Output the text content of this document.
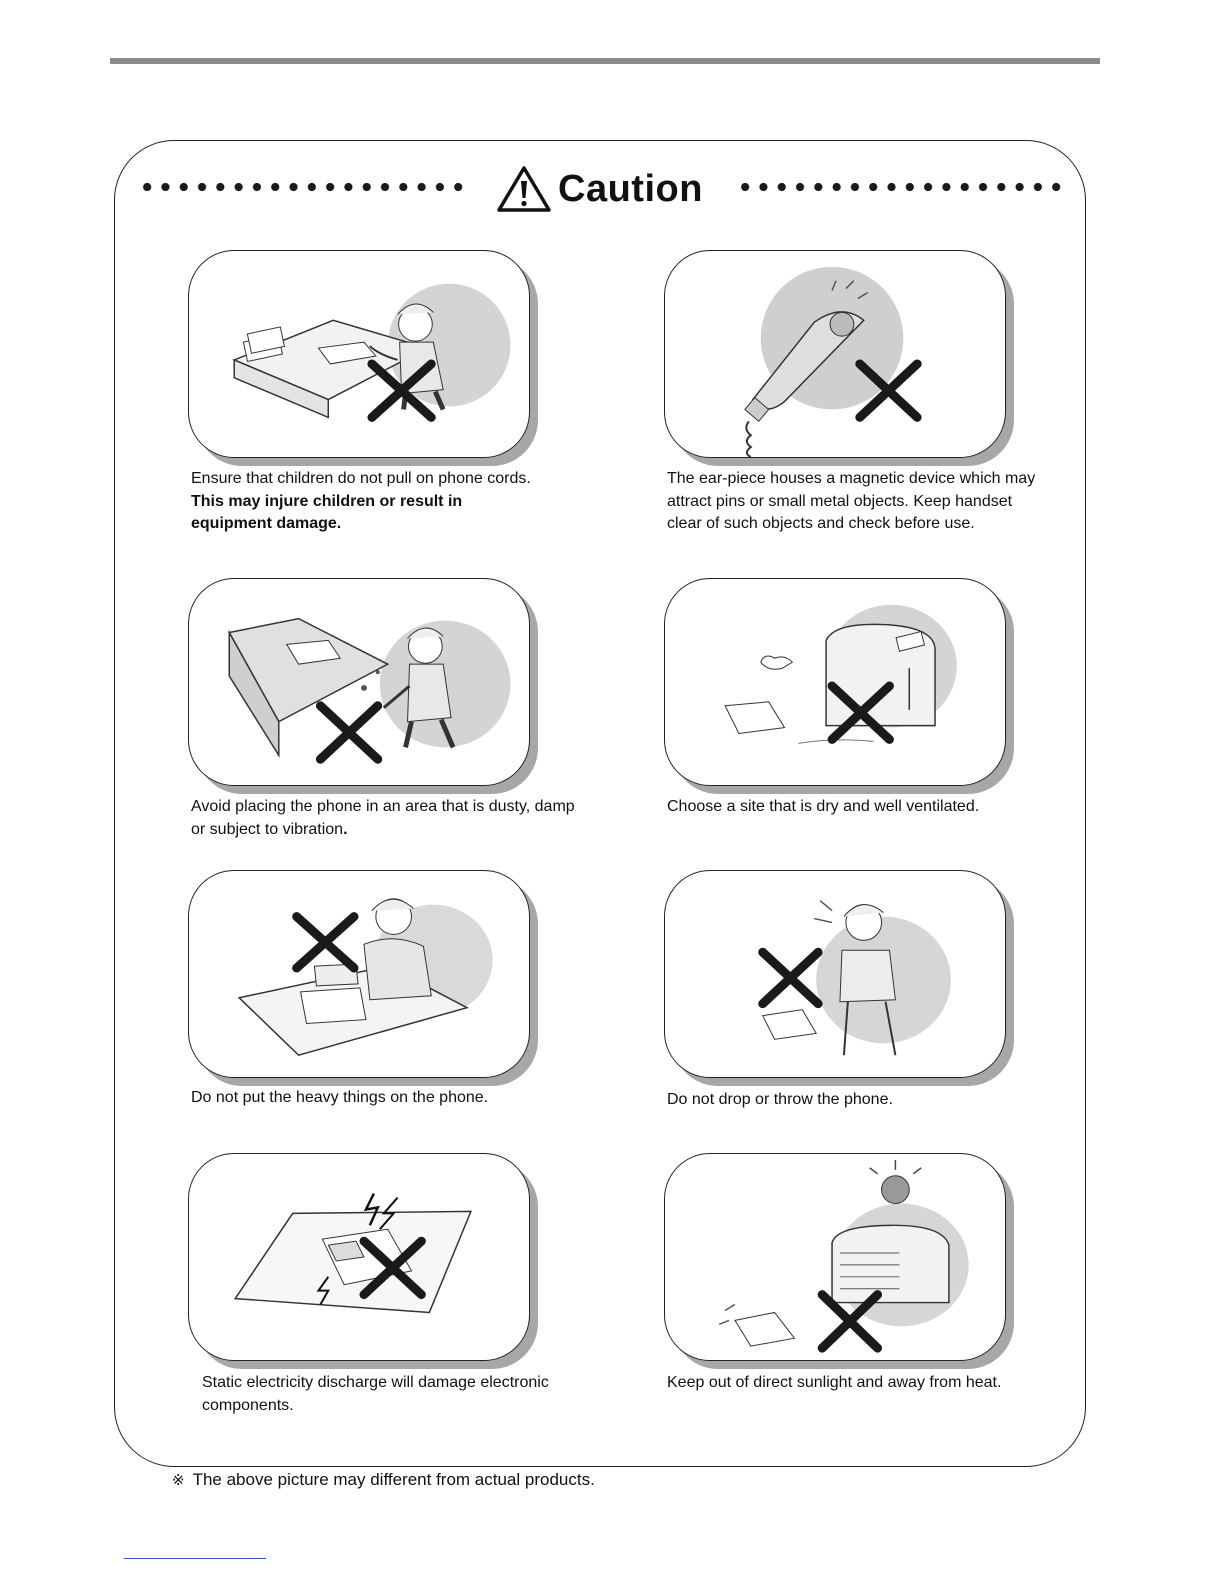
Caution
Ensure that children do not pull on phone cords. This may injure children or result in equipment damage.
The ear-piece houses a magnetic device which may attract pins or small metal objects. Keep handset clear of such objects and check before use.
Avoid placing the phone in an area that is dusty, damp or subject to vibration.
Choose a site that is dry and well ventilated.
Do not put the heavy things on the phone.	Do not drop or throw the phone.
Static electricity discharge will damage electronic components.
Keep out of direct sunlight and away from heat.
※ The above picture may different from actual products.
